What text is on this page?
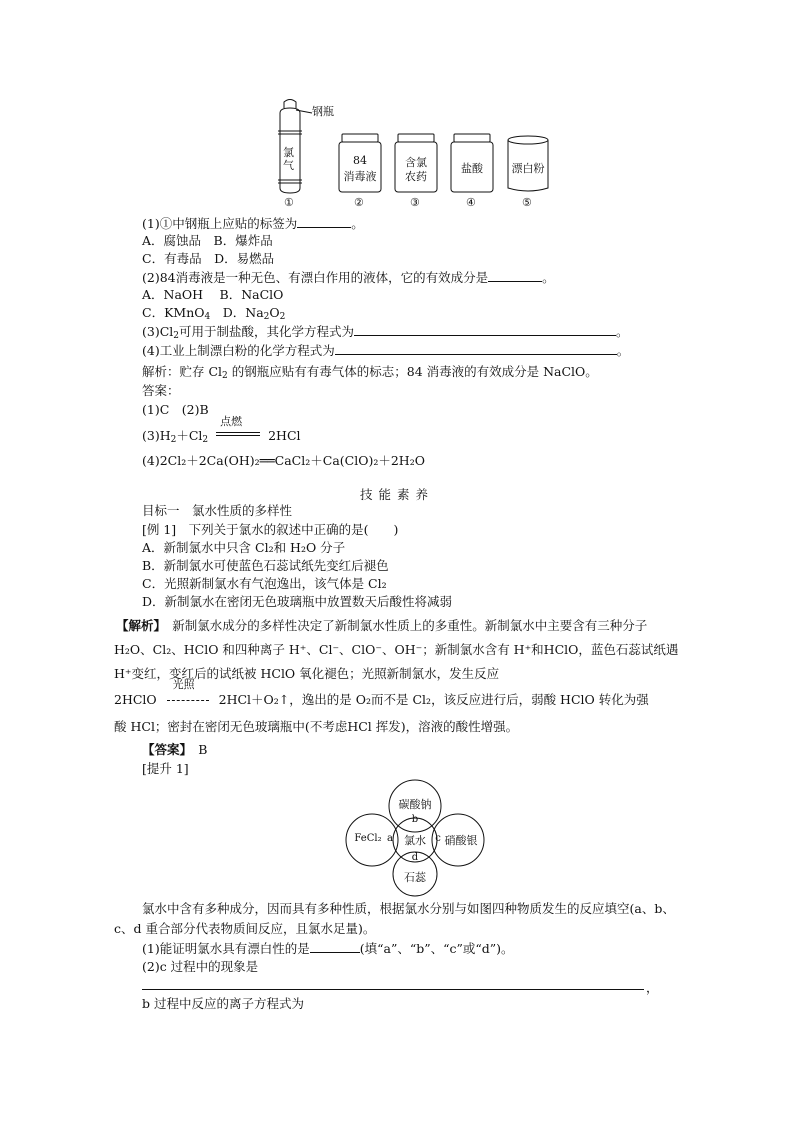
钢瓶
氯气	84
消毒液
含氯
农药
盐酸	漂白粉
①	②	③	④	⑤
(1)①中钢瓶上应贴的标签为	。
A．腐蚀品　B．爆炸品
C．有毒品　D．易燃品
(2)84消毒液是一种无色、有漂白作用的液体，它的有效成分是	。
A．NaOH　 B．NaClO
C．KMnO$_4$　D．$Na_2O_2$
$(3)Cl_2$可用于制盐酸，其化学方程式为	。
(4)工业上制漂白粉的化学方程式为	。
解析：贮存 $Cl_2$ 的钢瓶应贴有有毒气体的标志；84 消毒液的有效成分是 NaClO。
答案：
(1)C　(2)B
$(3)H_2+Cl_2$
点燃
2HCl
(4)2Cl₂＋2Ca(OH)₂══CaCl₂＋Ca(ClO)₂＋2H₂O
技能素养
目标一　氯水性质的多样性
[例 1]　下列关于氯水的叙述中正确的是(　　)
A．新制氯水中只含 Cl₂和 H₂O 分子
B．新制氯水可使蓝色石蕊试纸先变红后褪色
C．光照新制氯水有气泡逸出，该气体是 Cl₂
D．新制氯水在密闭无色玻璃瓶中放置数天后酸性将减弱
【解析】　新制氯水成分的多样性决定了新制氯水性质上的多重性。新制氯水中主要含有三种分子 H₂O、Cl₂、HClO 和四种离子 H⁺、Cl⁻、ClO⁻、OH⁻；新制氯水含有 H⁺和HClO，蓝色石蕊试纸遇 H⁺变红，变红后的试纸被 HClO 氧化褪色；光照新制氯水，发生反应
2HClO
光照
2HCl＋O₂↑，逸出的是 O₂而不是 Cl₂，该反应进行后，弱酸 HClO 转化为强
酸 HCl；密封在密闭无色玻璃瓶中(不考虑HCl 挥发)，溶液的酸性增强。
【答案】　 B
[提升 1]
碳酸钠
b
FeCl₂ a	氯水 c 硝酸银
d
石蕊
氯水中含有多种成分，因而具有多种性质，根据氯水分别与如图四种物质发生的反应填空(a、b、c、d 重合部分代表物质间反应，且氯水足量)。
(1)能证明氯水具有漂白性的是	(填“a”、“b”、“c”或“d”)。
(2)c 过程中的现象是
，
b 过程中反应的离子方程式为
